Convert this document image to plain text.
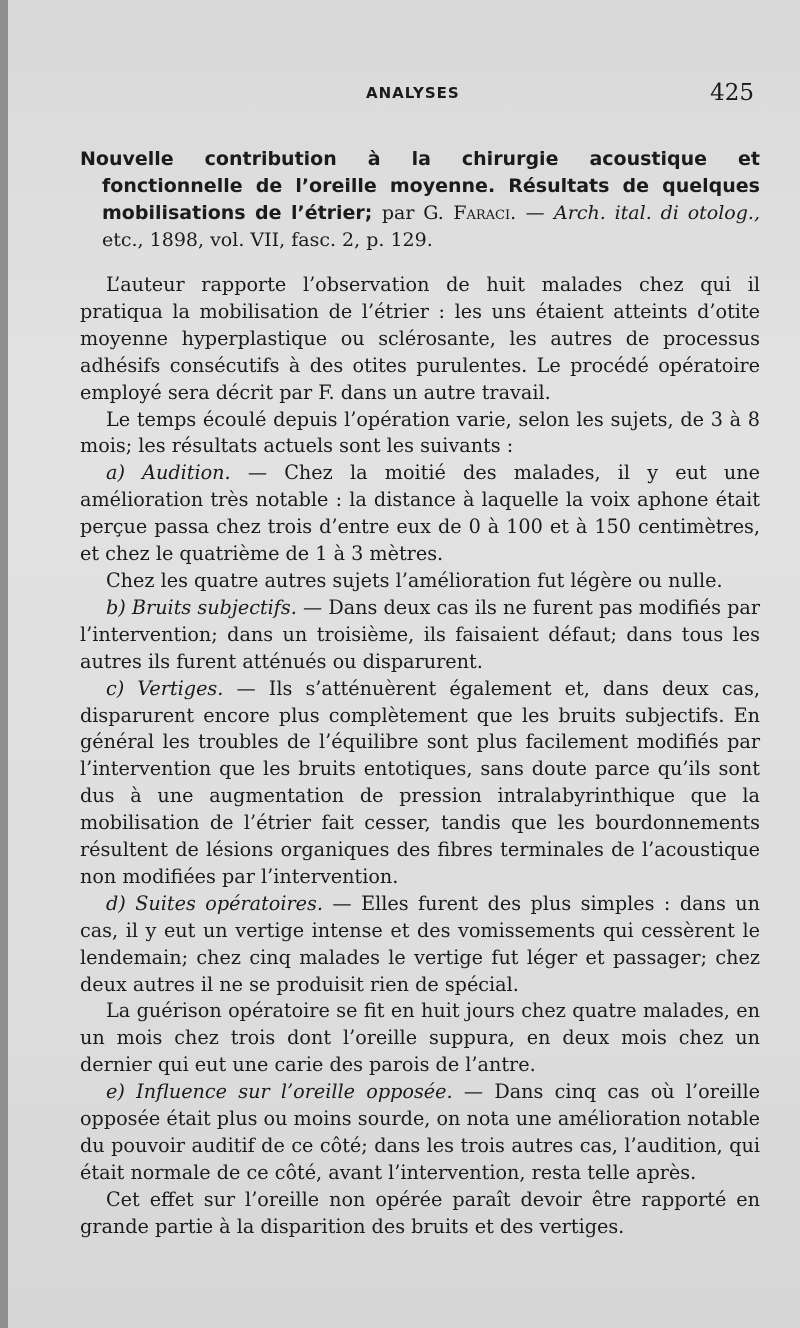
ANALYSES	425
Nouvelle contribution à la chirurgie acoustique et fonctionnelle de l’oreille moyenne. Résultats de quelques mobilisations de l’étrier; par G. Faraci. — Arch. ital. di otolog., etc., 1898, vol. VII, fasc. 2, p. 129.

L’auteur rapporte l’observation de huit malades chez qui il pratiqua la mobilisation de l’étrier : les uns étaient atteints d’otite moyenne hyperplastique ou sclérosante, les autres de processus adhésifs consécutifs à des otites purulentes. Le procédé opératoire employé sera décrit par F. dans un autre travail.

Le temps écoulé depuis l’opération varie, selon les sujets, de 3 à 8 mois; les résultats actuels sont les suivants :

a) Audition. — Chez la moitié des malades, il y eut une amélioration très notable : la distance à laquelle la voix aphone était perçue passa chez trois d’entre eux de 0 à 100 et à 150 centimètres, et chez le quatrième de 1 à 3 mètres.

Chez les quatre autres sujets l’amélioration fut légère ou nulle.

b) Bruits subjectifs. — Dans deux cas ils ne furent pas modifiés par l’intervention; dans un troisième, ils faisaient défaut; dans tous les autres ils furent atténués ou disparurent.

c) Vertiges. — Ils s’atténuèrent également et, dans deux cas, disparurent encore plus complètement que les bruits subjectifs. En général les troubles de l’équilibre sont plus facilement modifiés par l’intervention que les bruits entotiques, sans doute parce qu’ils sont dus à une augmentation de pression intralabyrinthique que la mobilisation de l’étrier fait cesser, tandis que les bourdonnements résultent de lésions organiques des fibres terminales de l’acoustique non modifiées par l’intervention.

d) Suites opératoires. — Elles furent des plus simples : dans un cas, il y eut un vertige intense et des vomissements qui cessèrent le lendemain; chez cinq malades le vertige fut léger et passager; chez deux autres il ne se produisit rien de spécial.

La guérison opératoire se fit en huit jours chez quatre malades, en un mois chez trois dont l’oreille suppura, en deux mois chez un dernier qui eut une carie des parois de l’antre.

e) Influence sur l’oreille opposée. — Dans cinq cas où l’oreille opposée était plus ou moins sourde, on nota une amélioration notable du pouvoir auditif de ce côté; dans les trois autres cas, l’audition, qui était normale de ce côté, avant l’intervention, resta telle après.

Cet effet sur l’oreille non opérée paraît devoir être rapporté en grande partie à la disparition des bruits et des vertiges.
